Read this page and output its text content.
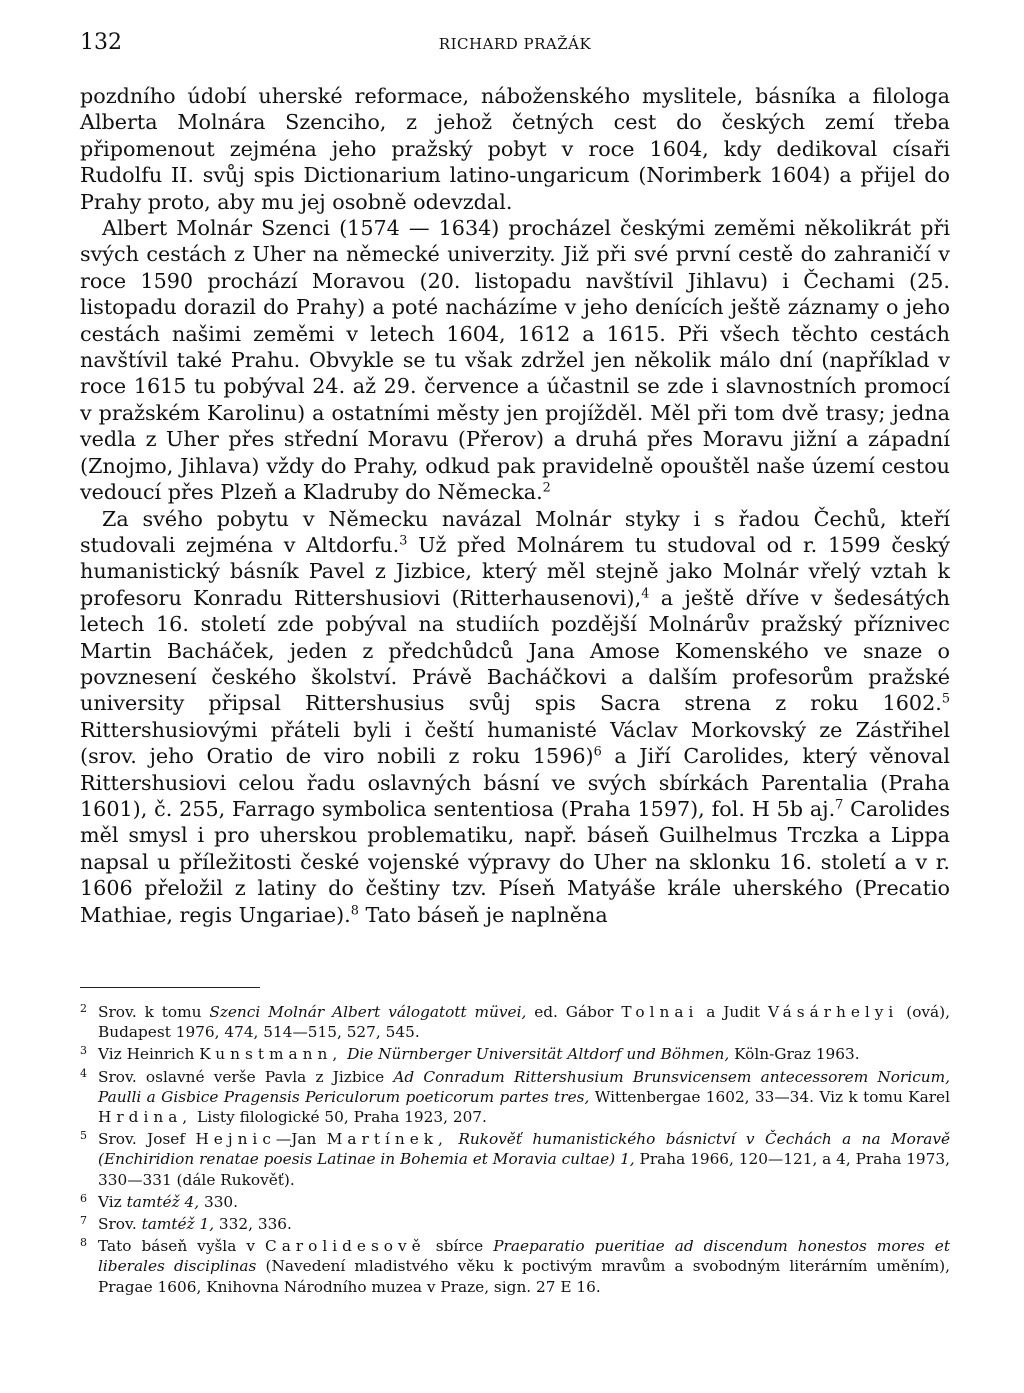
132	RICHARD PRAŽÁK

pozdního údobí uherské reformace, náboženského myslitele, básníka a filologa Alberta Molnára Szenciho, z jehož četných cest do českých zemí třeba připomenout zejména jeho pražský pobyt v roce 1604, kdy dedikoval císaři Rudolfu II. svůj spis Dictionarium latino-ungaricum (Norimberk 1604) a přijel do Prahy proto, aby mu jej osobně odevzdal.

Albert Molnár Szenci (1574 — 1634) procházel českými zeměmi několikrát při svých cestách z Uher na německé univerzity. Již při své první cestě do zahraničí v roce 1590 prochází Moravou (20. listopadu navštívil Jihlavu) i Čechami (25. listopadu dorazil do Prahy) a poté nacházíme v jeho denících ještě záznamy o jeho cestách našimi zeměmi v letech 1604, 1612 a 1615. Při všech těchto cestách navštívil také Prahu. Obvykle se tu však zdržel jen několik málo dní (například v roce 1615 tu pobýval 24. až 29. července a účastnil se zde i slavnostních promocí v pražském Karolinu) a ostatními městy jen projížděl. Měl při tom dvě trasy; jedna vedla z Uher přes střední Moravu (Přerov) a druhá přes Moravu jižní a západní (Znojmo, Jihlava) vždy do Prahy, odkud pak pravidelně opouštěl naše území cestou vedoucí přes Plzeň a Kladruby do Německa.$^2$

Za svého pobytu v Německu navázal Molnár styky i s řadou Čechů, kteří studovali zejména v Altdorfu.$^3$ Už před Molnárem tu studoval od r. 1599 český humanistický básník Pavel z Jizbice, který měl stejně jako Molnár vřelý vztah k profesoru Konradu Rittershusiovi (Ritterhausenovi),$^4$ a ještě dříve v šedesátých letech 16. století zde pobýval na studiích pozdější Molnárův pražský příznivec Martin Bacháček, jeden z předchůdců Jana Amose Komenského ve snaze o povznesení českého školství. Právě Bacháčkovi a dalším profesorům pražské university připsal Rittershusius svůj spis Sacra strena z roku 1602.$^5$ Rittershusiovými přáteli byli i čeští humanisté Václav Morkovský ze Zástřihel (srov. jeho Oratio de viro nobili z roku 1596)$^6$ a Jiří Carolides, který věnoval Rittershusiovi celou řadu oslavných básní ve svých sbírkách Parentalia (Praha 1601), č. 255, Farrago symbolica sententiosa (Praha 1597), fol. H 5b aj.$^7$ Carolides měl smysl i pro uherskou problematiku, např. báseň Guilhelmus Trczka a Lippa napsal u příležitosti české vojenské výpravy do Uher na sklonku 16. století a v r. 1606 přeložil z latiny do češtiny tzv. Píseň Matyáše krále uherského (Precatio Mathiae, regis Ungariae).$^8$ Tato báseň je naplněna

2 Srov. k tomu Szenci Molnár Albert válogatott müvei, ed. Gábor Tolnai a Judit Vásárhelyi (ová), Budapest 1976, 474, 514—515, 527, 545.
3 Viz Heinrich Kunstmann, Die Nürnberger Universität Altdorf und Böhmen, Köln-Graz 1963.
4 Srov. oslavné verše Pavla z Jizbice Ad Conradum Rittershusium Brunsvicensem antecessorem Noricum, Paulli a Gisbice Pragensis Periculorum poeticorum partes tres, Wittenbergae 1602, 33—34. Viz k tomu Karel Hrdina, Listy filologické 50, Praha 1923, 207.
5 Srov. Josef Hejnic—Jan Martínek, Rukověť humanistického básnictví v Čechách a na Moravě (Enchiridion renatae poesis Latinae in Bohemia et Moravia cultae) 1, Praha 1966, 120—121, a 4, Praha 1973, 330—331 (dále Rukověť).
6 Viz tamtéž 4, 330.
7 Srov. tamtéž 1, 332, 336.
8 Tato báseň vyšla v Carolidesově sbírce Praeparatio pueritiae ad discendum honestos mores et liberales disciplinas (Navedení mladistvého věku k poctivým mravům a svobodným literárním uměním), Pragae 1606, Knihovna Národního muzea v Praze, sign. 27 E 16.
